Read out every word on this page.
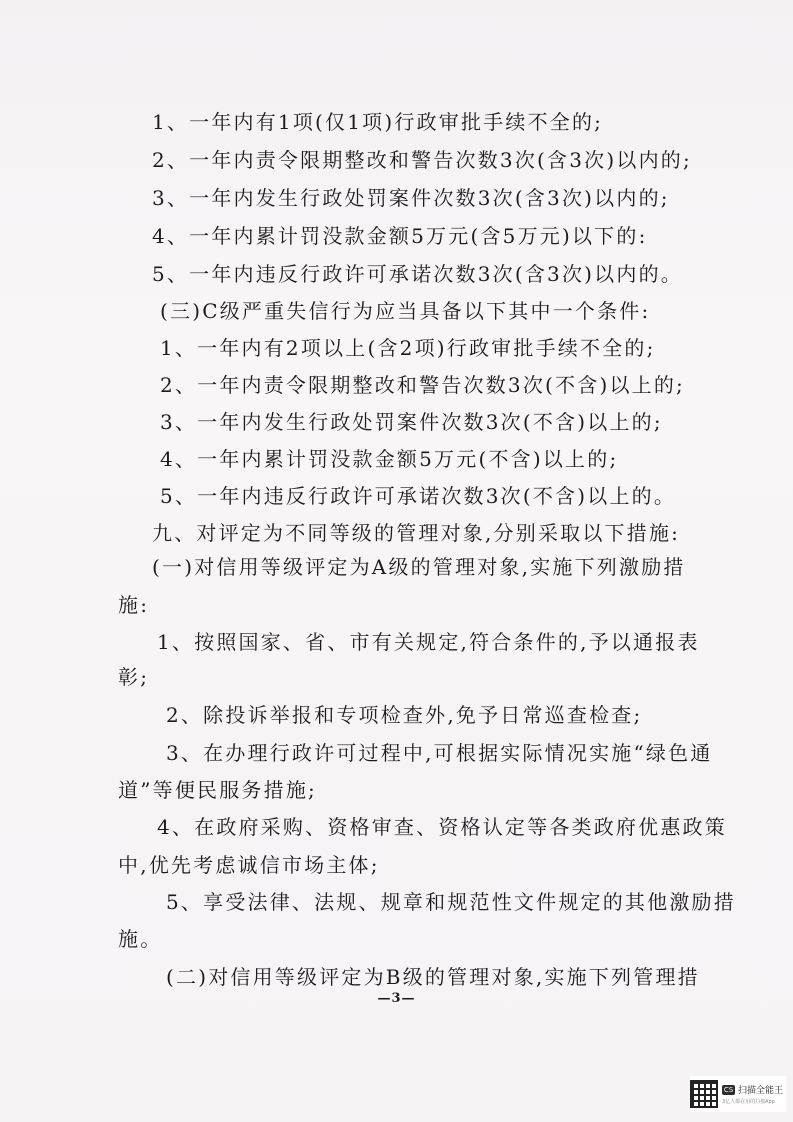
1、一年内有1项(仅1项)行政审批手续不全的;
2、一年内责令限期整改和警告次数3次(含3次)以内的;
3、一年内发生行政处罚案件次数3次(含3次)以内的;
4、一年内累计罚没款金额5万元(含5万元)以下的:
5、一年内违反行政许可承诺次数3次(含3次)以内的。
(三)C级严重失信行为应当具备以下其中一个条件:
1、一年内有2项以上(含2项)行政审批手续不全的;
2、一年内责令限期整改和警告次数3次(不含)以上的;
3、一年内发生行政处罚案件次数3次(不含)以上的;
4、一年内累计罚没款金额5万元(不含)以上的;
5、一年内违反行政许可承诺次数3次(不含)以上的。
九、对评定为不同等级的管理对象,分别采取以下措施:
(一)对信用等级评定为A级的管理对象,实施下列激励措
施:
1、按照国家、省、市有关规定,符合条件的,予以通报表
彰;
2、除投诉举报和专项检查外,免予日常巡查检查;
3、在办理行政许可过程中,可根据实际情况实施“绿色通
道”等便民服务措施;
4、在政府采购、资格审查、资格认定等各类政府优惠政策
中,优先考虑诚信市场主体;
5、享受法律、法规、规章和规范性文件规定的其他激励措
施。
(二)对信用等级评定为B级的管理对象,实施下列管理措
—3—
CS 扫描全能王
3亿人都在用的扫描App
